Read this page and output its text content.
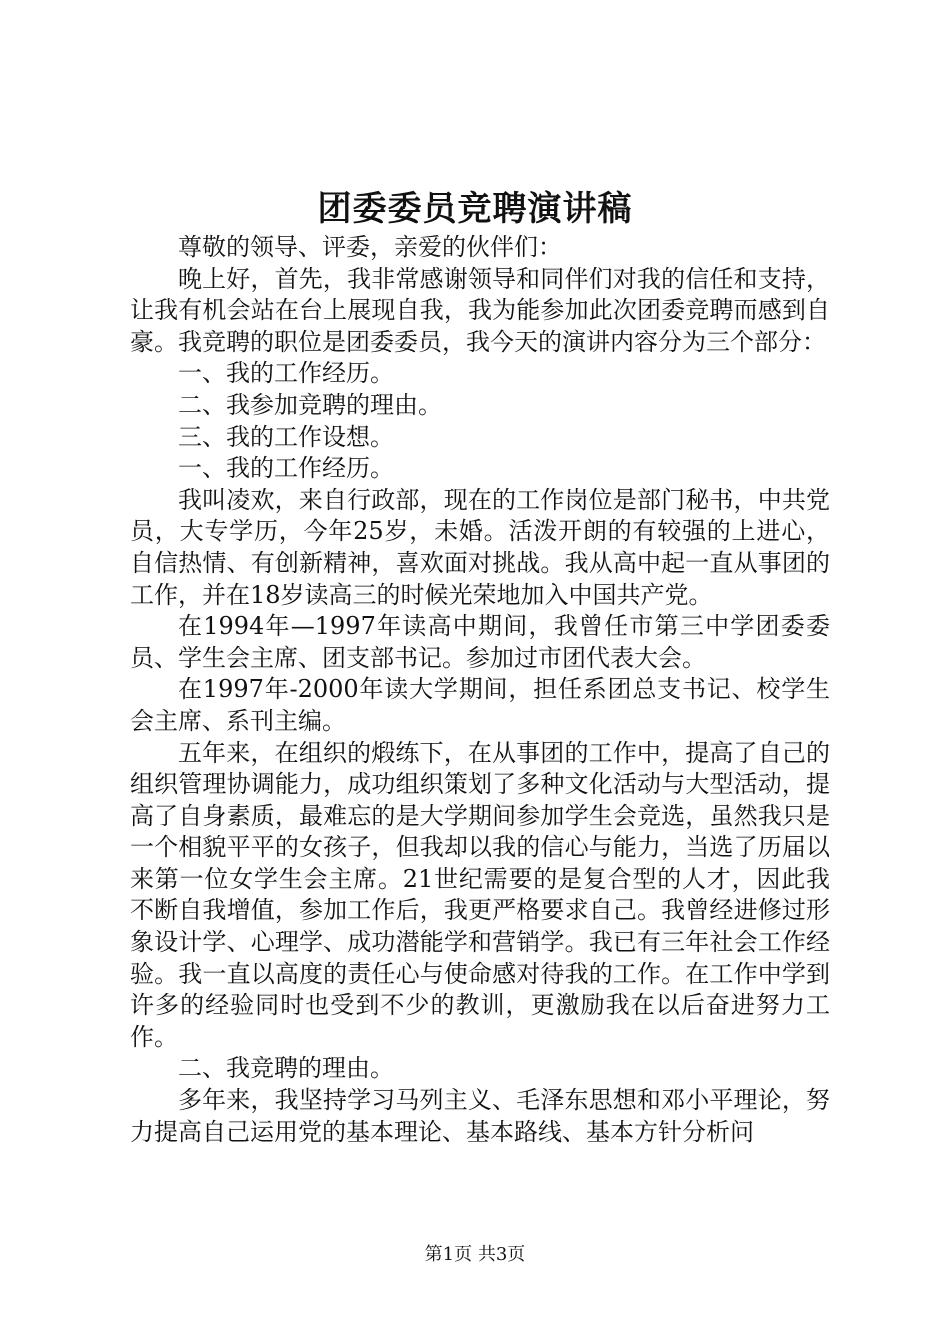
团委委员竞聘演讲稿

尊敬的领导、评委，亲爱的伙伴们：

晚上好，首先，我非常感谢领导和同伴们对我的信任和支持，让我有机会站在台上展现自我，我为能参加此次团委竞聘而感到自豪。我竞聘的职位是团委委员，我今天的演讲内容分为三个部分：

一、我的工作经历。

二、我参加竞聘的理由。

三、我的工作设想。

一、我的工作经历。

我叫凌欢，来自行政部，现在的工作岗位是部门秘书，中共党员，大专学历，今年25岁，未婚。活泼开朗的有较强的上进心，自信热情、有创新精神，喜欢面对挑战。我从高中起一直从事团的工作，并在18岁读高三的时候光荣地加入中国共产党。

在1994年—1997年读高中期间，我曾任市第三中学团委委员、学生会主席、团支部书记。参加过市团代表大会。

在1997年-2000年读大学期间，担任系团总支书记、校学生会主席、系刊主编。

五年来，在组织的煅练下，在从事团的工作中，提高了自己的组织管理协调能力，成功组织策划了多种文化活动与大型活动，提高了自身素质，最难忘的是大学期间参加学生会竞选，虽然我只是一个相貌平平的女孩子，但我却以我的信心与能力，当选了历届以来第一位女学生会主席。21世纪需要的是复合型的人才，因此我不断自我增值，参加工作后，我更严格要求自己。我曾经进修过形象设计学、心理学、成功潜能学和营销学。我已有三年社会工作经验。我一直以高度的责任心与使命感对待我的工作。在工作中学到许多的经验同时也受到不少的教训，更激励我在以后奋进努力工作。

二、我竞聘的理由。

多年来，我坚持学习马列主义、毛泽东思想和邓小平理论，努力提高自己运用党的基本理论、基本路线、基本方针分析问

第1页 共3页
